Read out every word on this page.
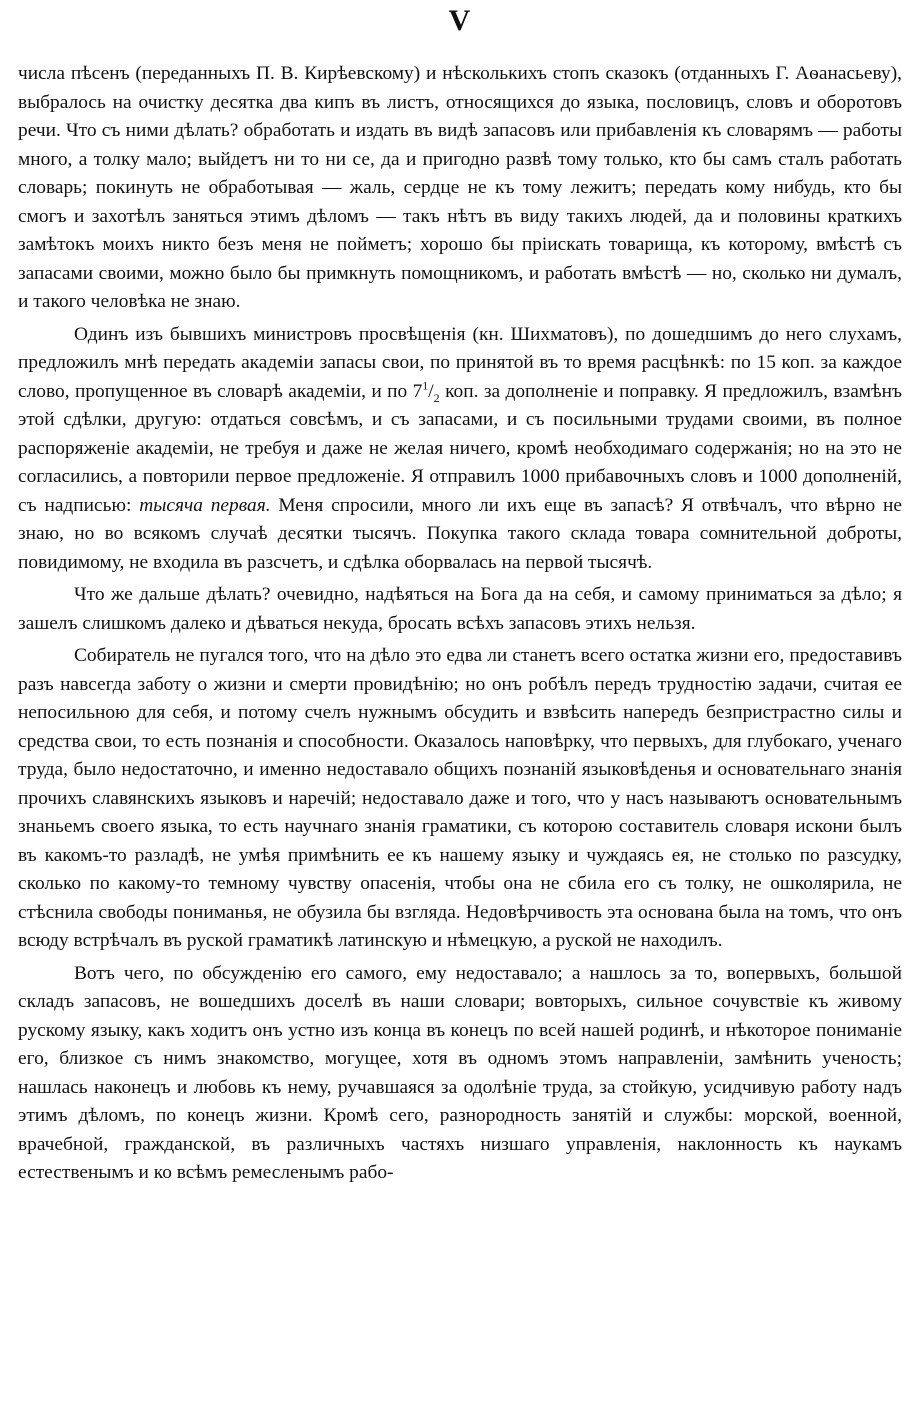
V

числа пѣсенъ (переданныхъ П. В. Кирѣевскому) и нѣсколькихъ стопъ сказокъ (отданныхъ Г. Аѳанасьеву), выбралось на очистку десятка два кипъ въ листъ, относящихся до языка, пословицъ, словъ и оборотовъ речи. Что съ ними дѣлать? обработать и издать въ видѣ запасовъ или прибавленія къ словарямъ — работы много, а толку мало; выйдетъ ни то ни се, да и пригодно развѣ тому только, кто бы самъ сталъ работать словарь; покинуть не обработывая — жаль, сердце не къ тому лежитъ; передать кому нибудь, кто бы смогъ и захотѣлъ заняться этимъ дѣломъ — такъ нѣтъ въ виду такихъ людей, да и половины краткихъ замѣтокъ моихъ никто безъ меня не пойметъ; хорошо бы пріискать товарища, къ которому, вмѣстѣ съ запасами своими, можно было бы примкнуть помощникомъ, и работать вмѣстѣ — но, сколько ни думалъ, и такого человѣка не знаю.

Одинъ изъ бывшихъ министровъ просвѣщенія (кн. Шихматовъ), по дошедшимъ до него слухамъ, предложилъ мнѣ передать академіи запасы свои, по принятой въ то время расцѣнкѣ: по 15 коп. за каждое слово, пропущенное въ словарѣ академіи, и по $7^1/_2$ коп. за дополненіе и поправку. Я предложилъ, взамѣнъ этой сдѣлки, другую: отдаться совсѣмъ, и съ запасами, и съ посильными трудами своими, въ полное распоряженіе академіи, не требуя и даже не желая ничего, кромѣ необходимаго содержанія; но на это не согласились, а повторили первое предложеніе. Я отправилъ 1000 прибавочныхъ словъ и 1000 дополненій, съ надписью: тысяча первая. Меня спросили, много ли ихъ еще въ запасѣ? Я отвѣчалъ, что вѣрно не знаю, но во всякомъ случаѣ десятки тысячъ. Покупка такого склада товара сомнительной доброты, повидимому, не входила въ разсчетъ, и сдѣлка оборвалась на первой тысячѣ.

Что же дальше дѣлать? очевидно, надѣяться на Бога да на себя, и самому приниматься за дѣло; я зашелъ слишкомъ далеко и дѣваться некуда, бросать всѣхъ запасовъ этихъ нельзя.

Собиратель не пугался того, что на дѣло это едва ли станетъ всего остатка жизни его, предоставивъ разъ навсегда заботу о жизни и смерти провидѣнію; но онъ робѣлъ передъ трудностію задачи, считая ее непосильною для себя, и потому счелъ нужнымъ обсудить и взвѣсить напередъ безпристрастно силы и средства свои, то есть познанія и способности. Оказалось наповѣрку, что первыхъ, для глубокаго, ученаго труда, было недостаточно, и именно недоставало общихъ познаній языковѣденья и основательнаго знанія прочихъ славянскихъ языковъ и наречій; недоставало даже и того, что у насъ называютъ основательнымъ знаньемъ своего языка, то есть научнаго знанія граматики, съ которою составитель словаря искони былъ въ какомъ-то разладѣ, не умѣя примѣнить ее къ нашему языку и чуждаясь ея, не столько по разсудку, сколько по какому-то темному чувству опасенія, чтобы она не сбила его съ толку, не ошколярила, не стѣснила свободы пониманья, не обузила бы взгляда. Недовѣрчивость эта основана была на томъ, что онъ всюду встрѣчалъ въ руской граматикѣ латинскую и нѣмецкую, а руской не находилъ.

Вотъ чего, по обсужденію его самого, ему недоставало; а нашлось за то, вопервыхъ, большой складъ запасовъ, не вошедшихъ доселѣ въ наши словари; вовторыхъ, сильное сочувствіе къ живому рускому языку, какъ ходитъ онъ устно изъ конца въ конецъ по всей нашей родинѣ, и нѣкоторое пониманіе его, близкое съ нимъ знакомство, могущее, хотя въ одномъ этомъ направленіи, замѣнить ученость; нашлась наконецъ и любовь къ нему, ручавшаяся за одолѣніе труда, за стойкую, усидчивую работу надъ этимъ дѣломъ, по конецъ жизни. Кромѣ сего, разнородность занятій и службы: морской, военной, врачебной, гражданской, въ различныхъ частяхъ низшаго управленія, наклонность къ наукамъ естественымъ и ко всѣмъ ремесленымъ рабо-
